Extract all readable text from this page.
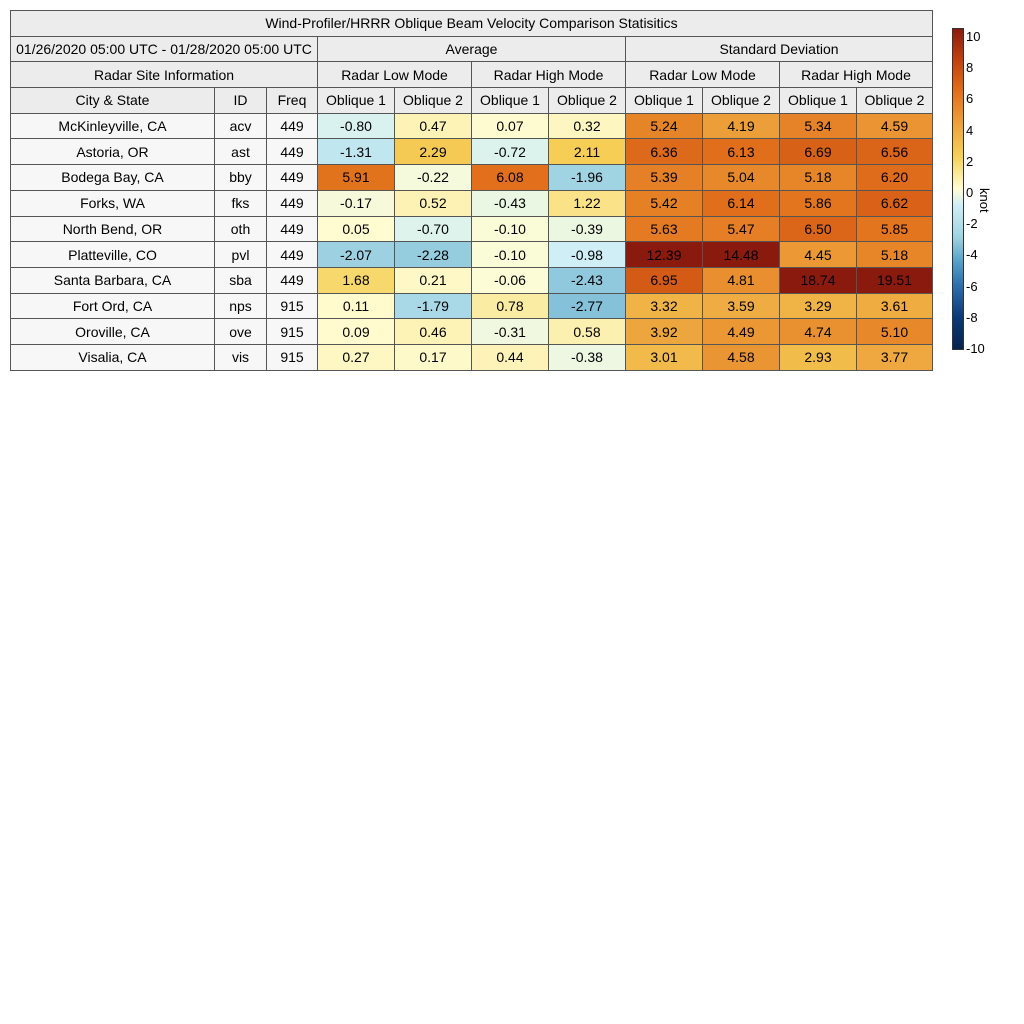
Wind-Profiler/HRRR Oblique Beam Velocity Comparison Statisitics										
01/26/2020 05:00 UTC - 01/28/2020 05:00 UTC			Average				Standard Deviation			
Radar Site Information			Radar Low Mode		Radar High Mode		Radar Low Mode		Radar High Mode	
City & State	ID	Freq	Oblique 1	Oblique 2	Oblique 1	Oblique 2	Oblique 1	Oblique 2	Oblique 1	Oblique 2
McKinleyville, CA	acv	449	-0.80	0.47	0.07	0.32	5.24	4.19	5.34	4.59
Astoria, OR	ast	449	-1.31	2.29	-0.72	2.11	6.36	6.13	6.69	6.56
Bodega Bay, CA	bby	449	5.91	-0.22	6.08	-1.96	5.39	5.04	5.18	6.20
Forks, WA	fks	449	-0.17	0.52	-0.43	1.22	5.42	6.14	5.86	6.62
North Bend, OR	oth	449	0.05	-0.70	-0.10	-0.39	5.63	5.47	6.50	5.85
Platteville, CO	pvl	449	-2.07	-2.28	-0.10	-0.98	12.39	14.48	4.45	5.18
Santa Barbara, CA	sba	449	1.68	0.21	-0.06	-2.43	6.95	4.81	18.74	19.51
Fort Ord, CA	nps	915	0.11	-1.79	0.78	-2.77	3.32	3.59	3.29	3.61
Oroville, CA	ove	915	0.09	0.46	-0.31	0.58	3.92	4.49	4.74	5.10
Visalia, CA	vis	915	0.27	0.17	0.44	-0.38	3.01	4.58	2.93	3.77
10
8
6
4
2
0
-2
-4
-6
-8
-10
knot
